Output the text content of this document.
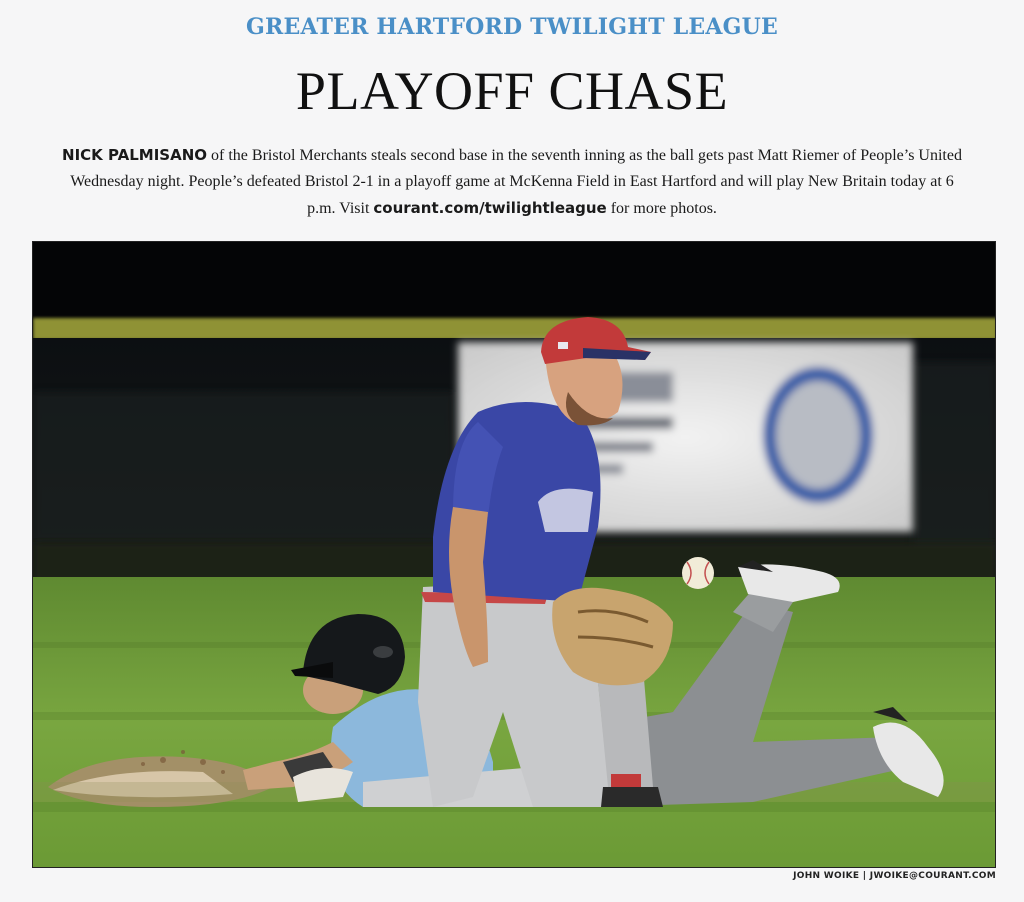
GREATER HARTFORD TWILIGHT LEAGUE
PLAYOFF CHASE
NICK PALMISANO of the Bristol Merchants steals second base in the seventh inning as the ball gets past Matt Riemer of People’s United Wednesday night. People’s defeated Bristol 2-1 in a playoff game at McKenna Field in East Hartford and will play New Britain today at 6 p.m. Visit courant.com/twilightleague for more photos.
JOHN WOIKE | JWOIKE@COURANT.COM
